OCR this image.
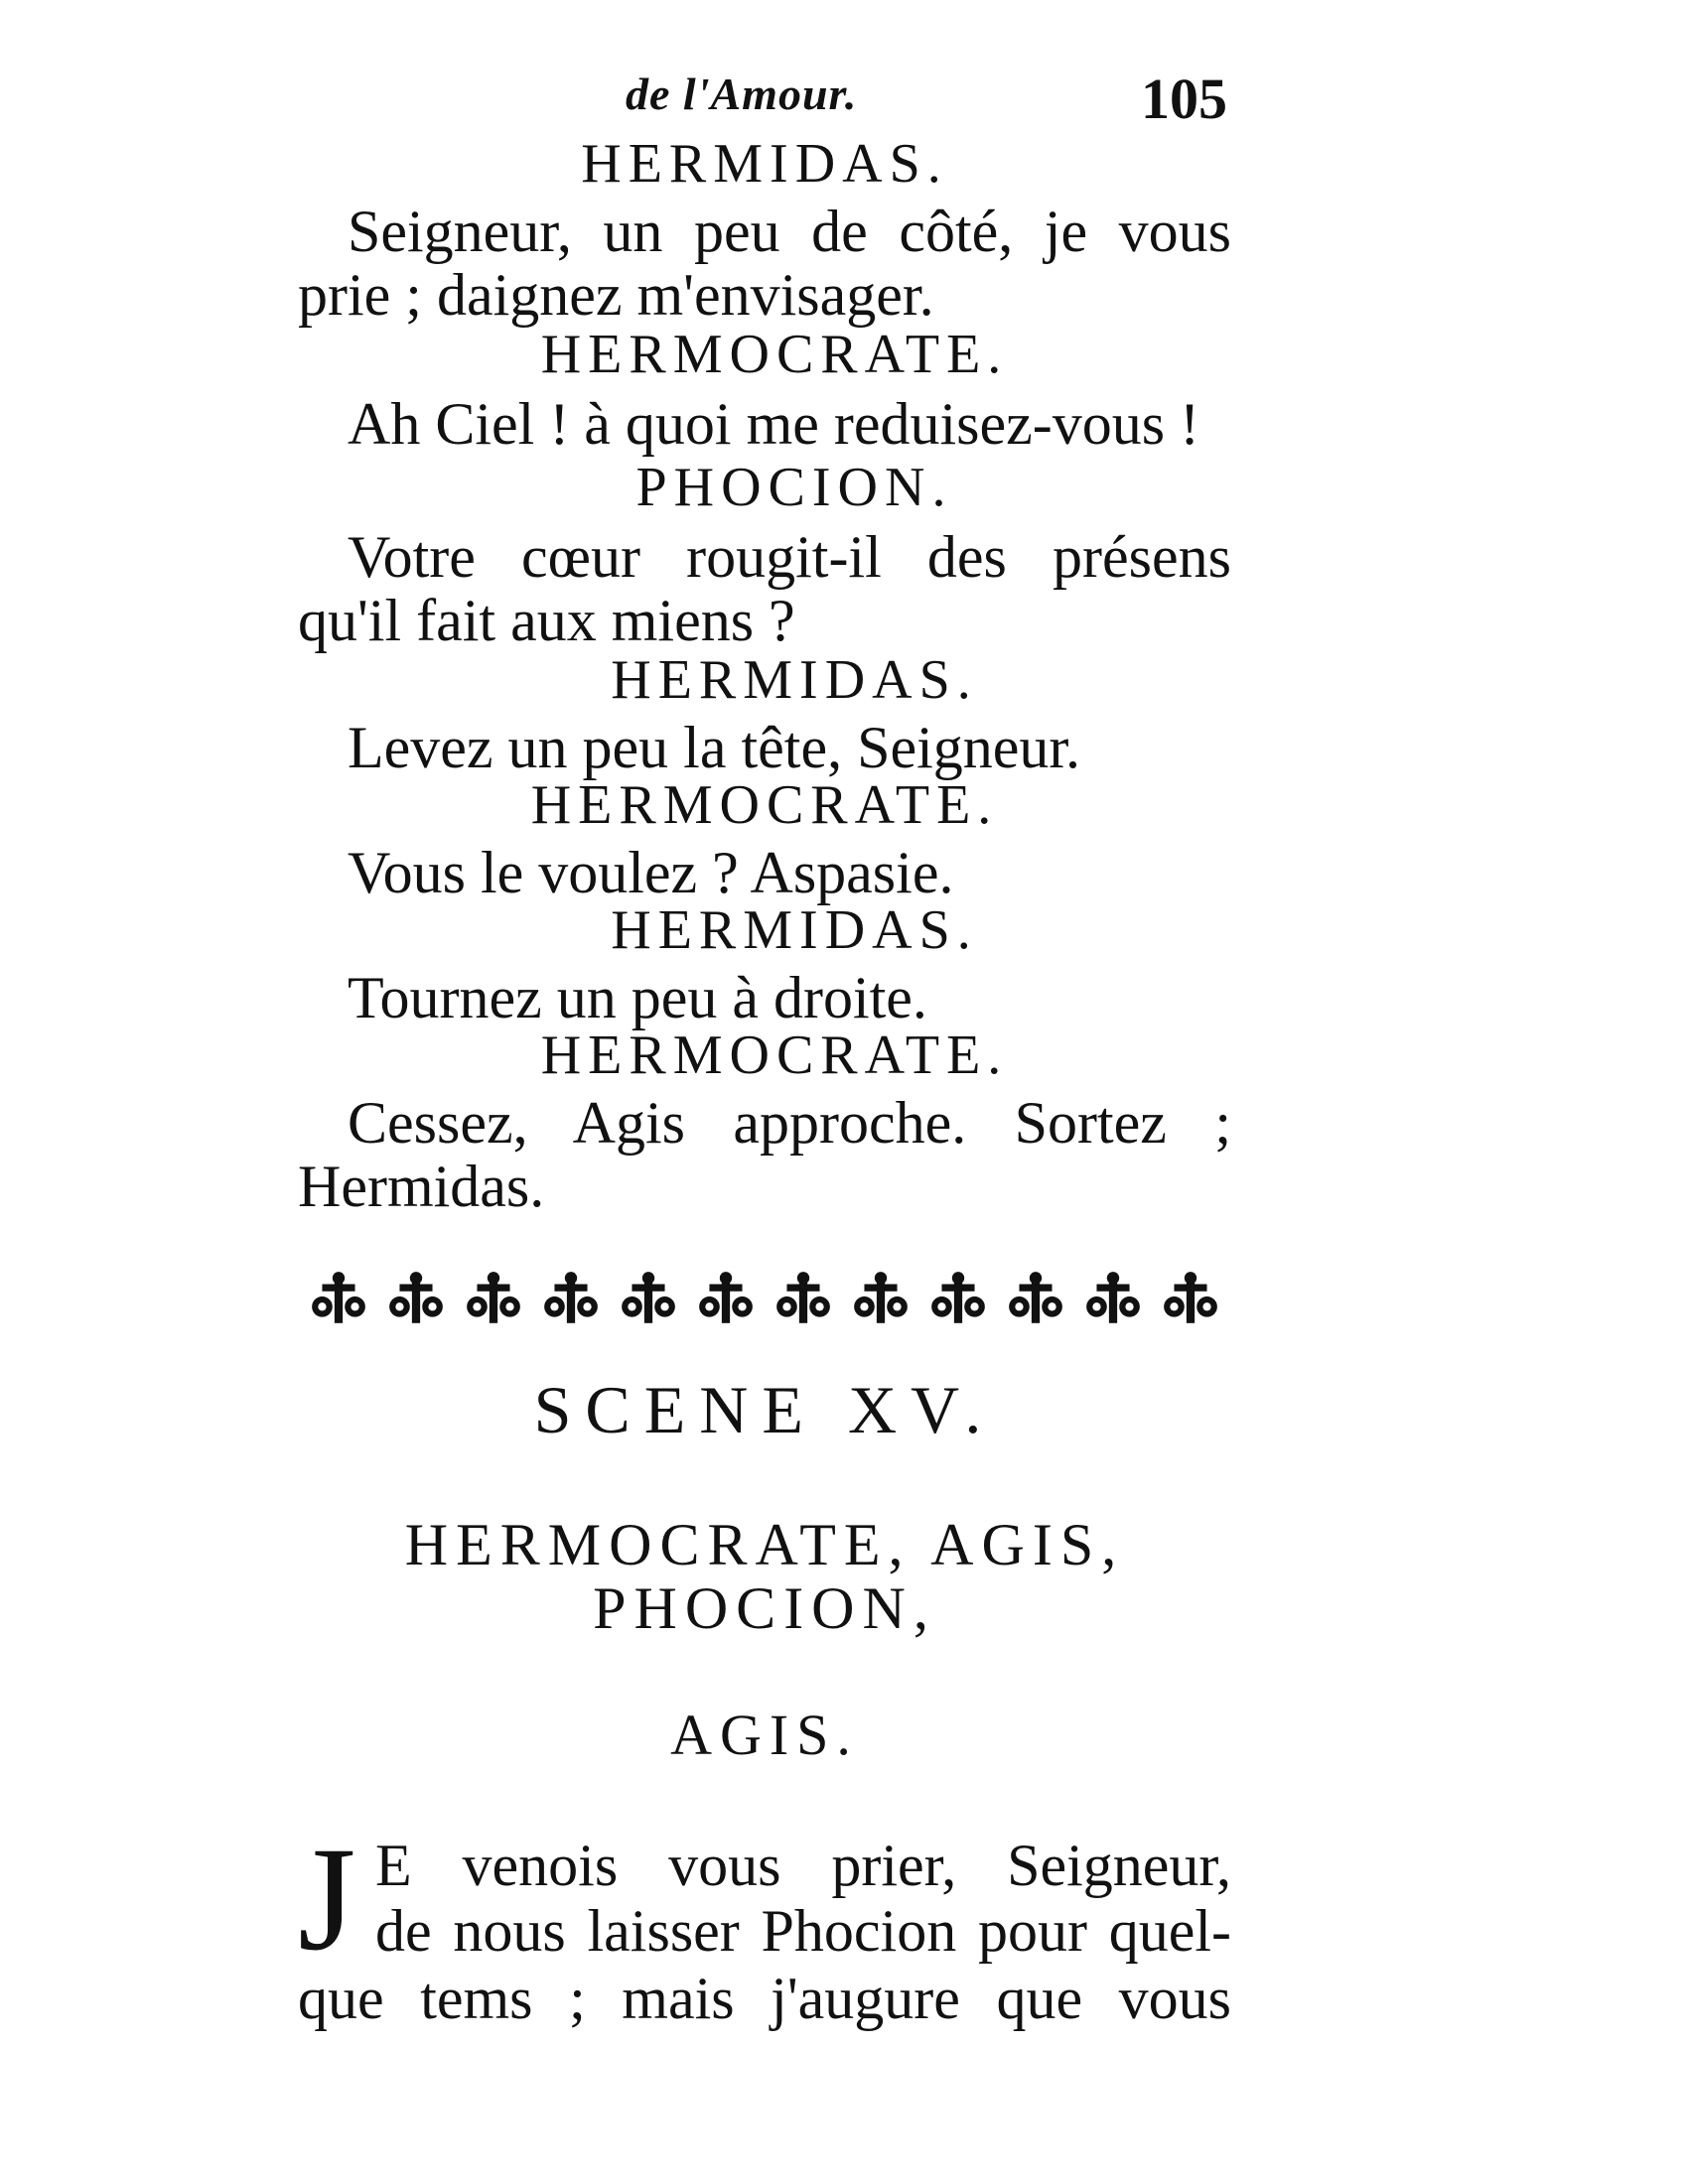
de l'Amour.	105
HERMIDAS.
Seigneur, un peu de côté, je vous
prie ; daignez m'envisager.
HERMOCRATE.
Ah Ciel ! à quoi me reduisez-vous !
PHOCION.
Votre cœur rougit-il des présens
qu'il fait aux miens ?
HERMIDAS.
Levez un peu la tête, Seigneur.
HERMOCRATE.
Vous le voulez ? Aspasie.
HERMIDAS.
Tournez un peu à droite.
HERMOCRATE.
Cessez, Agis approche. Sortez ;
Hermidas.
SCENE XV.
HERMOCRATE, AGIS,
PHOCION,
AGIS.
J E venois vous prier, Seigneur,
de nous laisser Phocion pour quel-
que tems ; mais j'augure que vous
